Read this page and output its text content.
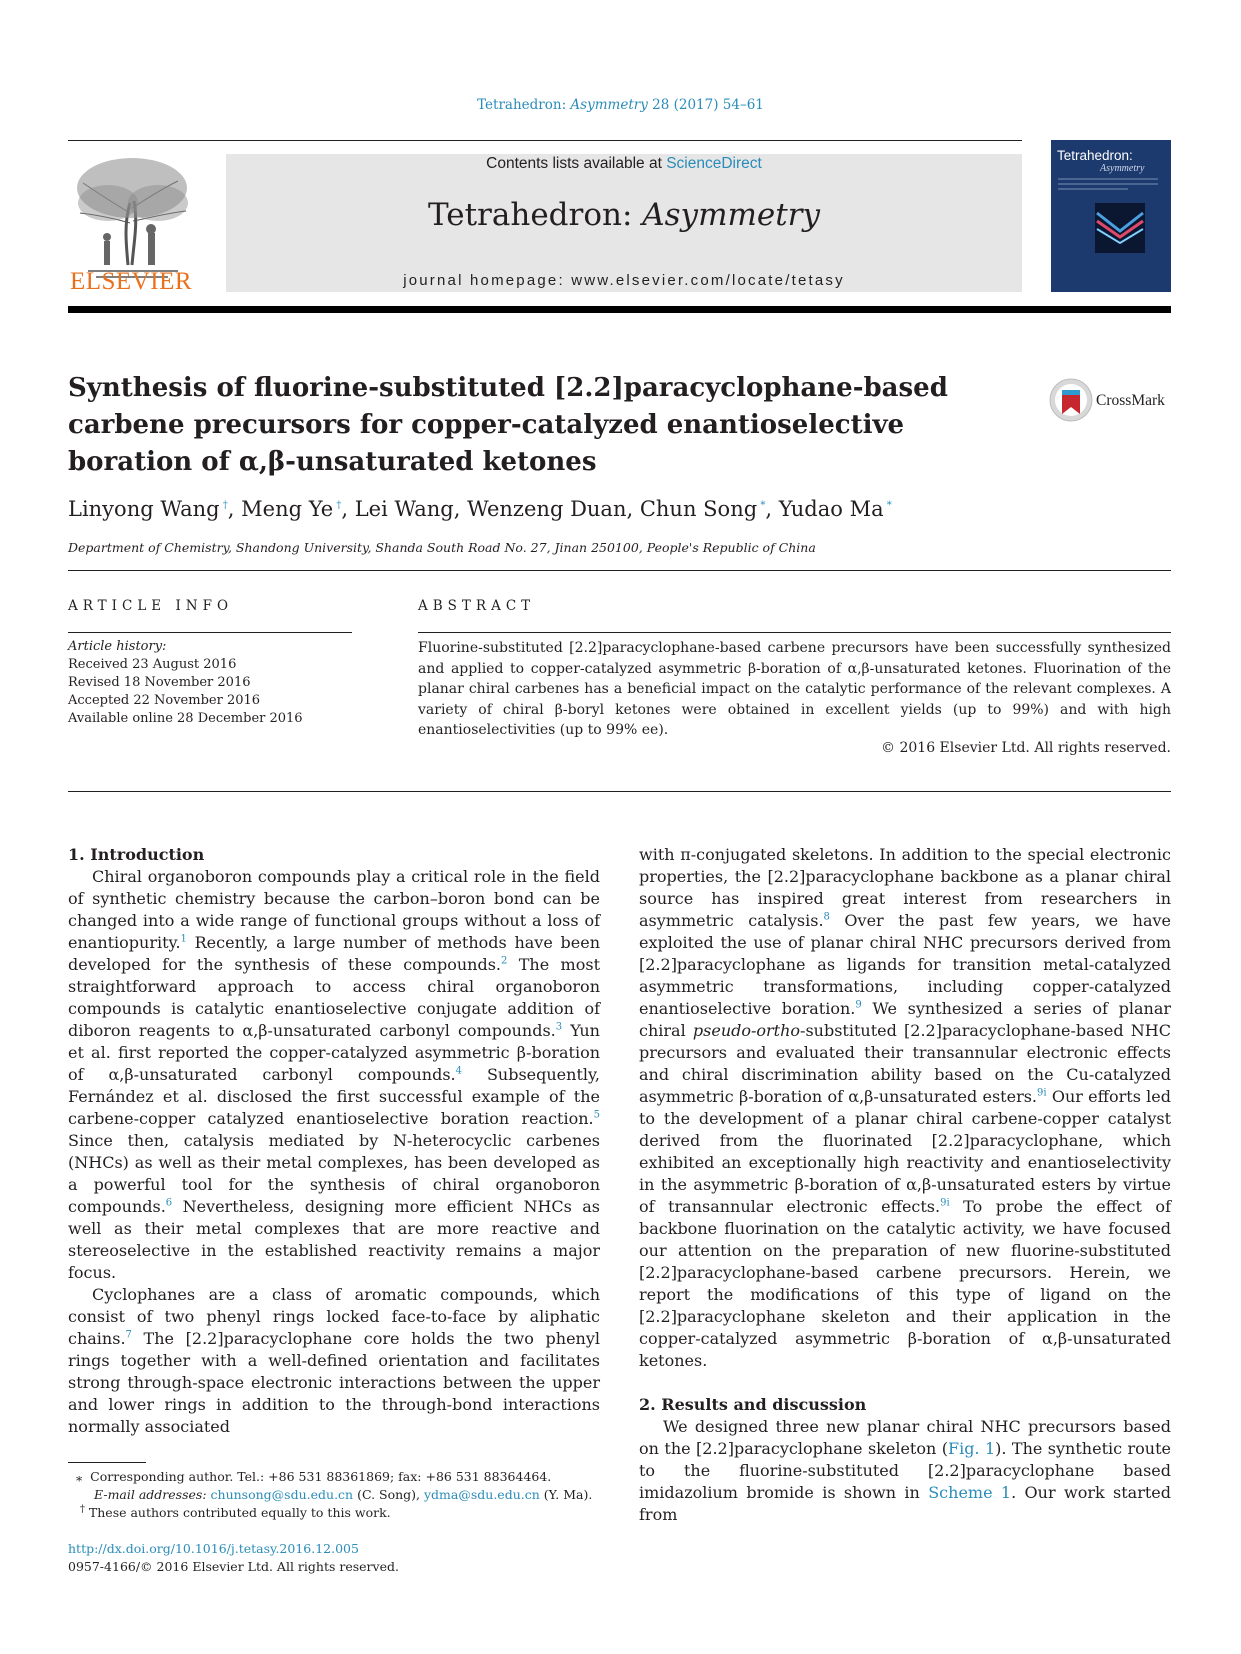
Tetrahedron: Asymmetry 28 (2017) 54–61
ELSEVIER
Contents lists available at ScienceDirect
Tetrahedron: Asymmetry
journal homepage: www.elsevier.com/locate/tetasy
Tetrahedron:
Asymmetry
Synthesis of fluorine-substituted [2.2]paracyclophane-based
carbene precursors for copper-catalyzed enantioselective
boration of α,β-unsaturated ketones
CrossMark
Linyong Wang †, Meng Ye †, Lei Wang, Wenzeng Duan, Chun Song *, Yudao Ma *
Department of Chemistry, Shandong University, Shanda South Road No. 27, Jinan 250100, People's Republic of China
ARTICLE INFO
Article history:
Received 23 August 2016
Revised 18 November 2016
Accepted 22 November 2016
Available online 28 December 2016
ABSTRACT
Fluorine-substituted [2.2]paracyclophane-based carbene precursors have been successfully synthesized and applied to copper-catalyzed asymmetric β-boration of α,β-unsaturated ketones. Fluorination of the planar chiral carbenes has a beneficial impact on the catalytic performance of the relevant complexes. A variety of chiral β-boryl ketones were obtained in excellent yields (up to 99%) and with high enantioselectivities (up to 99% ee).
© 2016 Elsevier Ltd. All rights reserved.

1. Introduction

Chiral organoboron compounds play a critical role in the field of synthetic chemistry because the carbon–boron bond can be changed into a wide range of functional groups without a loss of enantiopurity.$^1$ Recently, a large number of methods have been developed for the synthesis of these compounds.$^2$ The most straightforward approach to access chiral organoboron compounds is catalytic enantioselective conjugate addition of diboron reagents to α,β-unsaturated carbonyl compounds.$^3$ Yun et al. first reported the copper-catalyzed asymmetric β-boration of α,β-unsaturated carbonyl compounds.$^4$ Subsequently, Fernández et al. disclosed the first successful example of the carbene-copper catalyzed enantioselective boration reaction.$^5$ Since then, catalysis mediated by N-heterocyclic carbenes (NHCs) as well as their metal complexes, has been developed as a powerful tool for the synthesis of chiral organoboron compounds.$^6$ Nevertheless, designing more efficient NHCs as well as their metal complexes that are more reactive and stereoselective in the established reactivity remains a major focus.

Cyclophanes are a class of aromatic compounds, which consist of two phenyl rings locked face-to-face by aliphatic chains.$^7$ The [2.2]paracyclophane core holds the two phenyl rings together with a well-defined orientation and facilitates strong through-space electronic interactions between the upper and lower rings in addition to the through-bond interactions normally associated

with π-conjugated skeletons. In addition to the special electronic properties, the [2.2]paracyclophane backbone as a planar chiral source has inspired great interest from researchers in asymmetric catalysis.$^8$ Over the past few years, we have exploited the use of planar chiral NHC precursors derived from [2.2]paracyclophane as ligands for transition metal-catalyzed asymmetric transformations, including copper-catalyzed enantioselective boration.$^9$ We synthesized a series of planar chiral pseudo-ortho-substituted [2.2]paracyclophane-based NHC precursors and evaluated their transannular electronic effects and chiral discrimination ability based on the Cu-catalyzed asymmetric β-boration of α,β-unsaturated esters.$^{9i}$ Our efforts led to the development of a planar chiral carbene-copper catalyst derived from the fluorinated [2.2]paracyclophane, which exhibited an exceptionally high reactivity and enantioselectivity in the asymmetric β-boration of α,β-unsaturated esters by virtue of transannular electronic effects.$^{9i}$ To probe the effect of backbone fluorination on the catalytic activity, we have focused our attention on the preparation of new fluorine-substituted [2.2]paracyclophane-based carbene precursors. Herein, we report the modifications of this type of ligand on the [2.2]paracyclophane skeleton and their application in the copper-catalyzed asymmetric β-boration of α,β-unsaturated ketones.

2. Results and discussion

We designed three new planar chiral NHC precursors based on the [2.2]paracyclophane skeleton (Fig. 1). The synthetic route to the fluorine-substituted [2.2]paracyclophane based imidazolium bromide is shown in Scheme 1. Our work started from

⁎  Corresponding author. Tel.: +86 531 88361869; fax: +86 531 88364464.
E-mail addresses: chunsong@sdu.edu.cn (C. Song), ydma@sdu.edu.cn (Y. Ma).
† These authors contributed equally to this work.
http://dx.doi.org/10.1016/j.tetasy.2016.12.005
0957-4166/© 2016 Elsevier Ltd. All rights reserved.
